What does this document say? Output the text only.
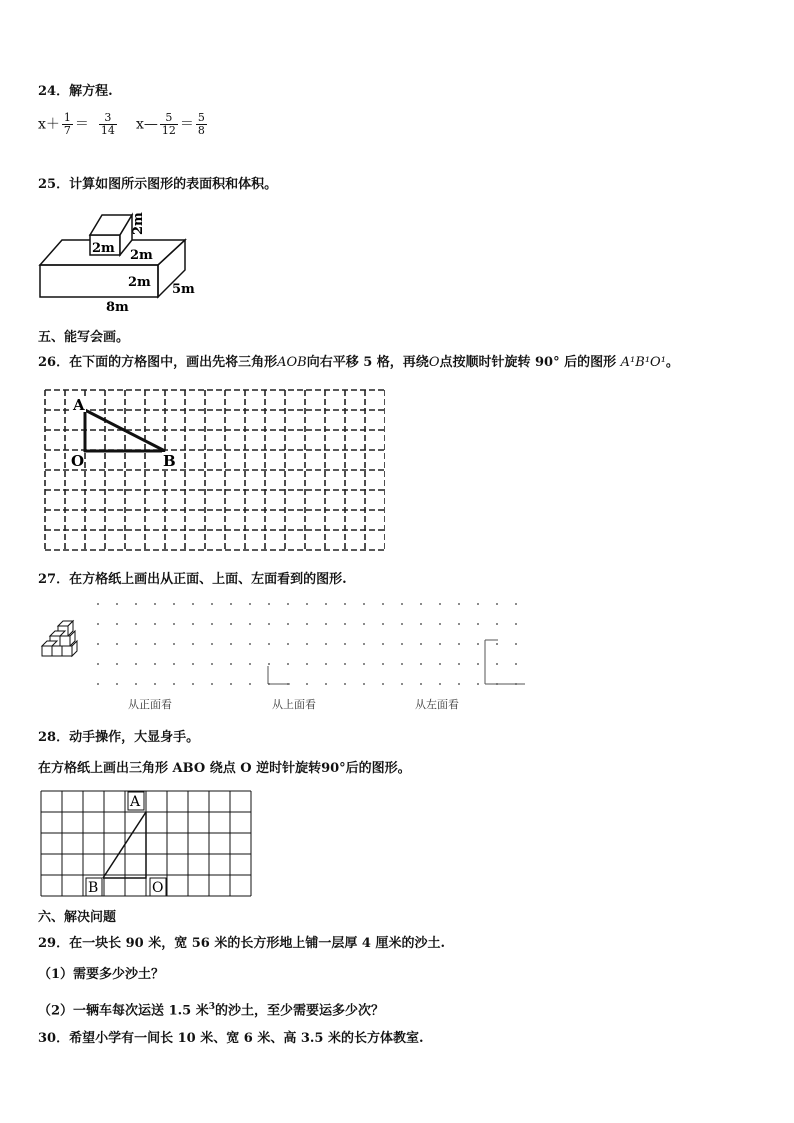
24．解方程.
$x+ \frac{1}{7} = \frac{3}{14}$ x— $\frac{5}{12} = \frac{5}{8}$
25．计算如图所示图形的表面积和体积。
2m
2m
2m
2m 5m
8m
五、能写会画。
26．在下面的方格图中，画出先将三角形AOB向右平移 5 格，再绕O点按顺时针旋转 90° 后的图形 A¹B¹O¹。
A
O	B
27．在方格纸上画出从正面、上面、左面看到的图形.
从正面看	从上面看	从左面看
28．动手操作，大显身手。
在方格纸上画出三角形 ABO 绕点 O 逆时针旋转90°后的图形。
A
B	O
六、解决问题
29．在一块长 90 米，宽 56 米的长方形地上铺一层厚 4 厘米的沙土.
（1）需要多少沙土？
（2）一辆车每次运送 1.5 米$^3$的沙土，至少需要运多少次？
30．希望小学有一间长 10 米、宽 6 米、高 3.5 米的长方体教室.
